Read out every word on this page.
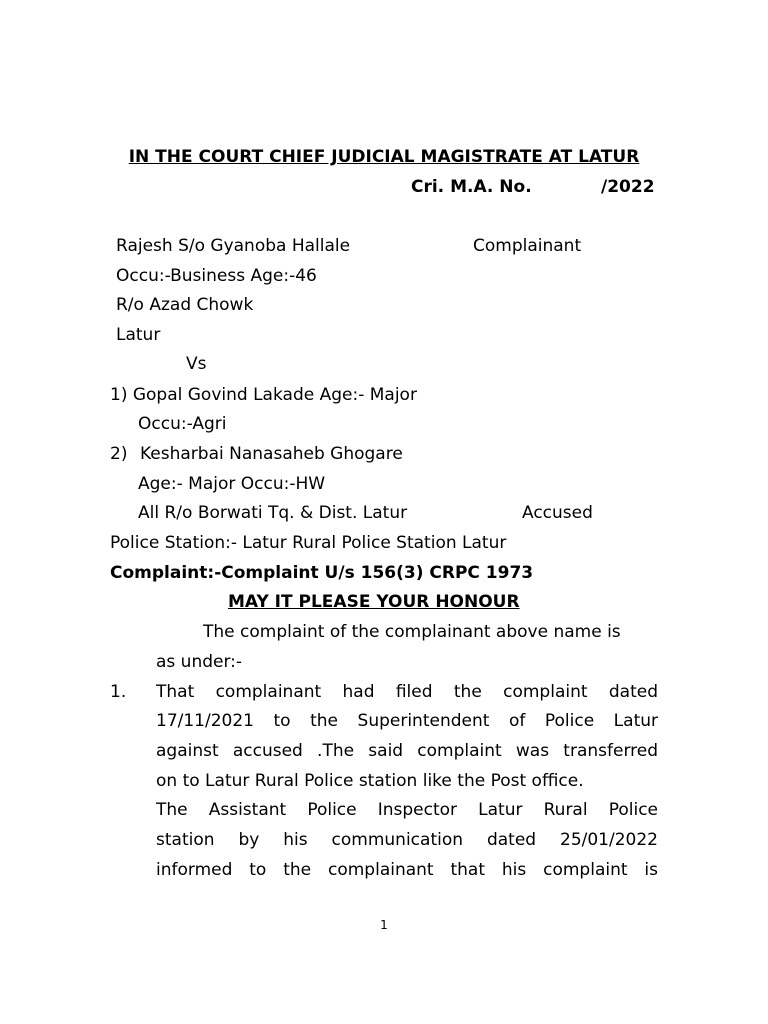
IN THE COURT CHIEF JUDICIAL MAGISTRATE AT LATUR
Cri. M.A. No.	/2022
Rajesh S/o Gyanoba Hallale	Complainant
Occu:-Business Age:-46
R/o Azad Chowk
Latur
Vs
1) Gopal Govind Lakade Age:- Major
Occu:-Agri
2) Kesharbai Nanasaheb Ghogare
Age:- Major Occu:-HW
All R/o Borwati Tq. & Dist. Latur	Accused
Police Station:- Latur Rural Police Station Latur
Complaint:-Complaint U/s 156(3) CRPC 1973
MAY IT PLEASE YOUR HONOUR
The complaint of the complainant above name is
as under:-
1. That complainant had filed the complaint dated
17/11/2021 to the Superintendent of Police Latur
against accused .The said complaint was transferred
on to Latur Rural Police station like the Post office.
The Assistant Police Inspector Latur Rural Police
station by his communication dated 25/01/2022
informed to the complainant that his complaint is
1
